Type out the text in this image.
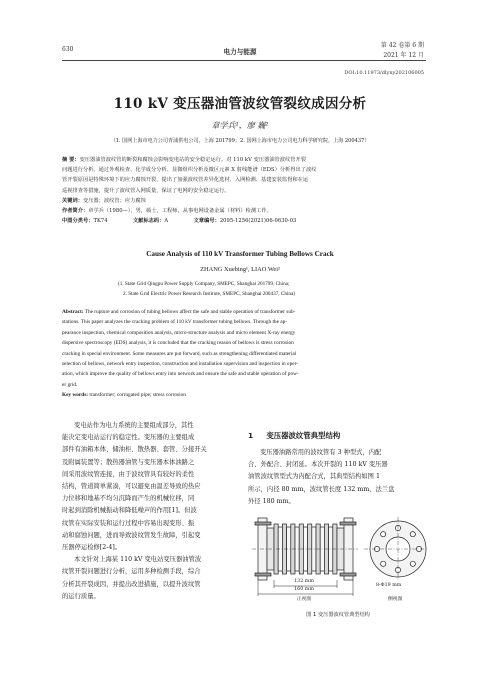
630	电力与能源
第 42 卷第 6 期
2021 年 12 月
DOI:10.11973/dlyny202106005
110 kV 变压器油管波纹管裂纹成因分析
章学兵¹，廖 巍²
（1. 国网上海市电力公司青浦供电公司，上海 201799；2. 国网上海市电力公司电力科学研究院，上海 200437）
摘 要：变压器油管波纹管的断裂和腐蚀会影响变电站的安全稳定运行。对 110 kV 变压器油管波纹管开裂
问题进行分析，通过外观检查、化学成分分析、显微组织分析及微区元素 X 射线能谱（EDS）分析得出了波纹
管开裂原因是特殊环境下的应力腐蚀开裂，提出了加强波纹管差异化选材、入网检测、基建安装监督和在运
巡视排查等措施，提升了波纹管入网质量，保证了电网的安全稳定运行。
关键词：变压器；波纹管；应力腐蚀
作者简介：章学兵（1980—），男，硕士，工程师，从事电网设备金属（材料）检测工作。
中图分类号：TK74	文献标志码：A	文章编号：2095-1256(2021)06-0630-03
Cause Analysis of 110 kV Transformer Tubing Bellows Crack
ZHANG Xuebing¹, LIAO Wei²
(1. State Grid Qingpu Power Supply Company, SMEPC, Shanghai 201799, China;
2. State Grid Electric Power Research Institute, SMEPC, Shanghai 200437, China)
Abstract: The rupture and corrosion of tubing bellows affect the safe and stable operation of transformer sub-
stations. This paper analyzes the cracking problem of 110 kV transformer tubing bellows. Through the ap-
pearance inspection, chemical composition analysis, micro-structure analysis and micro element X-ray energy
dispersive spectroscopy (EDS) analysis, it is concluded that the cracking reason of bellows is stress corrosion
cracking in special environment. Some measures are put forward, such as strengthening differentiated material
selection of bellows, network entry inspection, construction and installation supervision and inspection in oper-
ation, which improve the quality of bellows entry into network and ensure the safe and stable operation of pow-
er grid.
Key words: transformer; corrugated pipe; stress corrosion
变电站作为电力系统的主要组成部分，其性
能决定变电站运行的稳定性。变压器的主要组成
部件有油箱本体、储油柜、散热器、套管、分接开关
及附属装置等；散热器油管与变压器本体油路之
间采用波纹管连接，由于波纹管具有较好的柔性
结构，管道简单紧凑，可以避免由温差导致的热应
力位移和地基不均匀沉降而产生的机械位移，同
时起到消除机械振动和降低噪声的作用[1]。但波
纹管在实际安装和运行过程中容易出现变形、振
动和腐蚀问题，进而导致波纹管发生故障，引起变
压器停运检修[2-4]。
本文针对上海某 110 kV 变电站变压器油管波
纹管开裂问题进行分析，运用多种检测手段，综合
分析其开裂成因，并提出改进措施，以提升波纹管
的运行质量。
1 变压器波纹管典型结构
变压器油路常用的波纹管有 3 种型式，内配
合、外配合、封闭延。本次开裂的 110 kV 变压器
油管波纹管型式为内配合式，其典型结构如图 1
所示，内径 80 mm，波纹管长度 132 mm，法兰盘
外径 180 mm。
132 mm
160 mm
正视图
8-Φ19 mm
侧视图
图 1 变压器波纹管典型结构
